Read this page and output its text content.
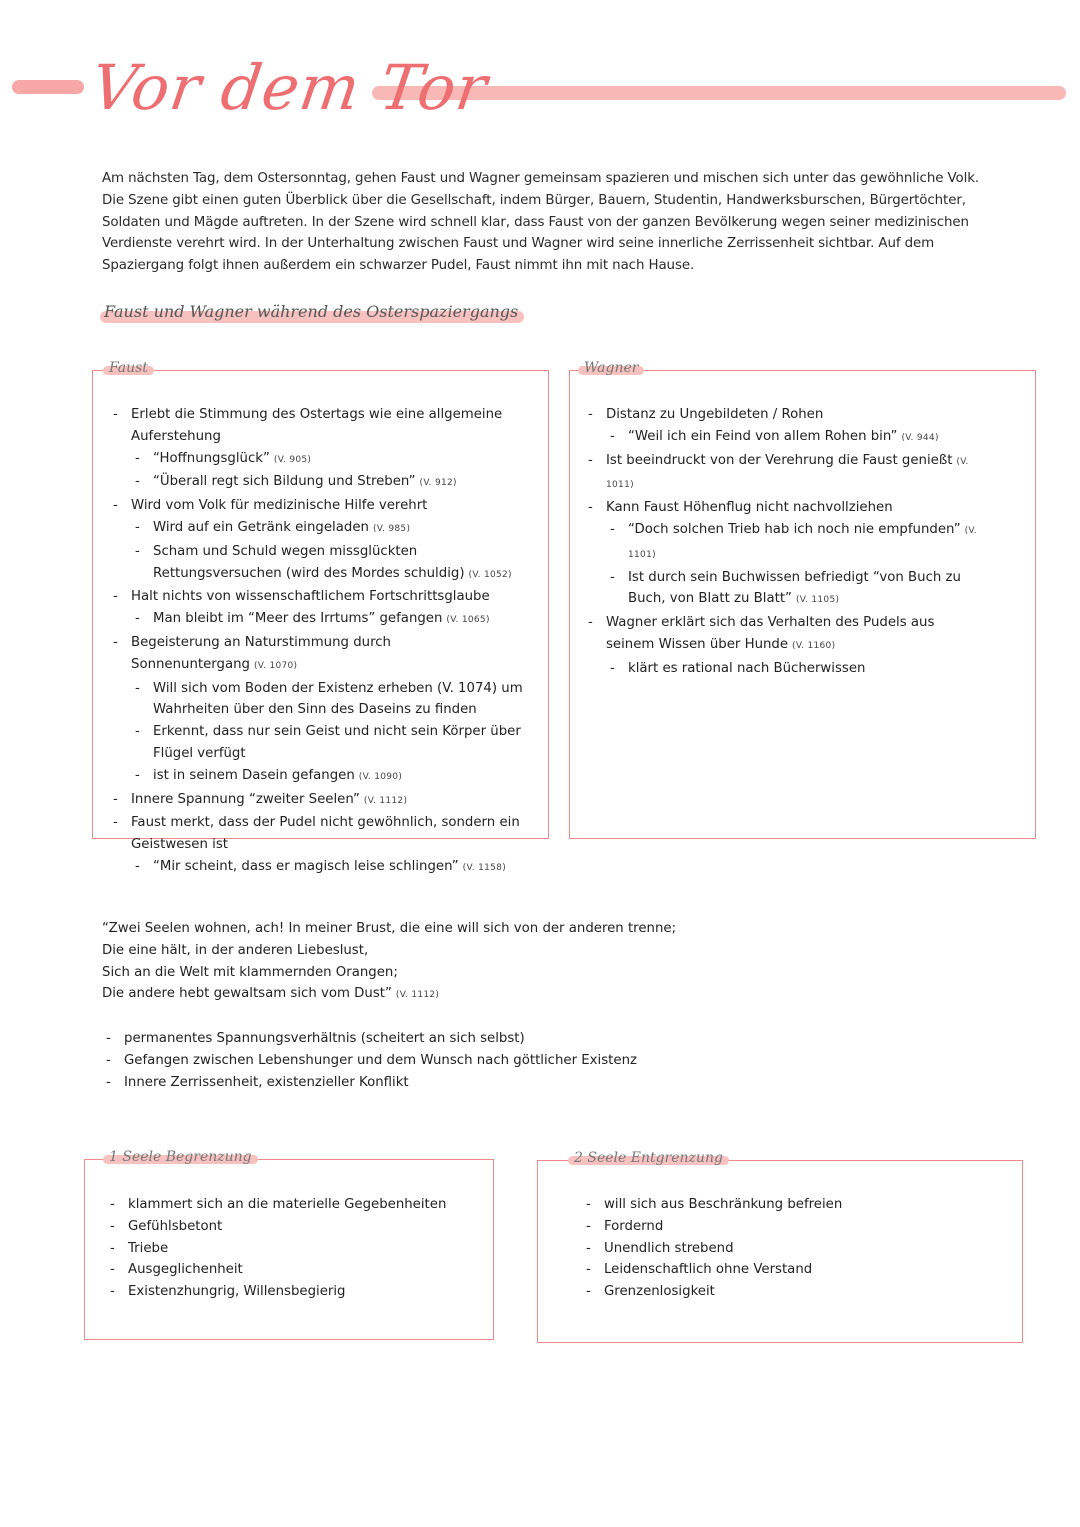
Vor dem Tor

Am nächsten Tag, dem Ostersonntag, gehen Faust und Wagner gemeinsam spazieren und mischen sich unter das gewöhnliche Volk. Die Szene gibt einen guten Überblick über die Gesellschaft, indem Bürger, Bauern, Studentin, Handwerksburschen, Bürgertöchter, Soldaten und Mägde auftreten. In der Szene wird schnell klar, dass Faust von der ganzen Bevölkerung wegen seiner medizinischen Verdienste verehrt wird. In der Unterhaltung zwischen Faust und Wagner wird seine innerliche Zerrissenheit sichtbar. Auf dem Spaziergang folgt ihnen außerdem ein schwarzer Pudel, Faust nimmt ihn mit nach Hause.

Faust und Wagner während des Osterspaziergangs
Faust
- Erlebt die Stimmung des Ostertags wie eine allgemeine Auferstehung
- “Hoffnungsglück” (V. 905)
- “Überall regt sich Bildung und Streben” (V. 912)
- Wird vom Volk für medizinische Hilfe verehrt
- Wird auf ein Getränk eingeladen (V. 985)
- Scham und Schuld wegen missglückten Rettungsversuchen (wird des Mordes schuldig) (V. 1052)
- Halt nichts von wissenschaftlichem Fortschrittsglaube
- Man bleibt im “Meer des Irrtums” gefangen (V. 1065)
- Begeisterung an Naturstimmung durch Sonnenuntergang (V. 1070)
- Will sich vom Boden der Existenz erheben (V. 1074) um Wahrheiten über den Sinn des Daseins zu finden
- Erkennt, dass nur sein Geist und nicht sein Körper über Flügel verfügt
- ist in seinem Dasein gefangen (V. 1090)
- Innere Spannung “zweiter Seelen” (V. 1112)
- Faust merkt, dass der Pudel nicht gewöhnlich, sondern ein Geistwesen ist
- “Mir scheint, dass er magisch leise schlingen” (V. 1158)
Wagner
- Distanz zu Ungebildeten / Rohen
- “Weil ich ein Feind von allem Rohen bin” (V. 944)
- Ist beeindruckt von der Verehrung die Faust genießt (V. 1011)
- Kann Faust Höhenflug nicht nachvollziehen
- “Doch solchen Trieb hab ich noch nie empfunden” (V. 1101)
- Ist durch sein Buchwissen befriedigt “von Buch zu Buch, von Blatt zu Blatt” (V. 1105)
- Wagner erklärt sich das Verhalten des Pudels aus seinem Wissen über Hunde (V. 1160)
- klärt es rational nach Bücherwissen
“Zwei Seelen wohnen, ach! In meiner Brust, die eine will sich von der anderen trenne;
Die eine hält, in der anderen Liebeslust,
Sich an die Welt mit klammernden Orangen;
Die andere hebt gewaltsam sich vom Dust” (V. 1112)
- permanentes Spannungsverhältnis (scheitert an sich selbst)
- Gefangen zwischen Lebenshunger und dem Wunsch nach göttlicher Existenz
- Innere Zerrissenheit, existenzieller Konflikt
1 Seele Begrenzung
- klammert sich an die materielle Gegebenheiten
- Gefühlsbetont
- Triebe
- Ausgeglichenheit
- Existenzhungrig, Willensbegierig
2 Seele Entgrenzung
- will sich aus Beschränkung befreien
- Fordernd
- Unendlich strebend
- Leidenschaftlich ohne Verstand
- Grenzenlosigkeit
